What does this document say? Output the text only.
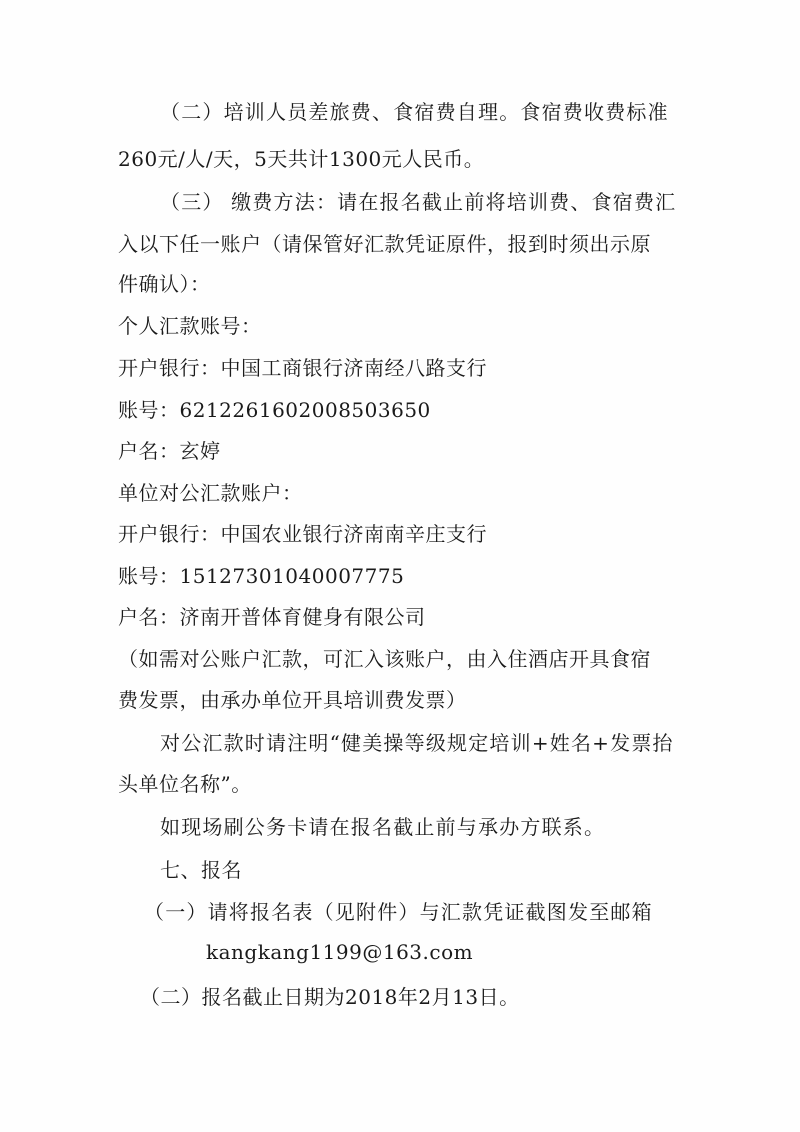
（二）培训人员差旅费、食宿费自理。食宿费收费标准
260元/人/天，5天共计1300元人民币。
（三） 缴费方法：请在报名截止前将培训费、食宿费汇
入以下任一账户（请保管好汇款凭证原件，报到时须出示原
件确认）：
个人汇款账号：
开户银行：中国工商银行济南经八路支行
账号：6212261602008503650
户名：玄婷
单位对公汇款账户：
开户银行：中国农业银行济南南辛庄支行
账号：15127301040007775
户名：济南开普体育健身有限公司
（如需对公账户汇款，可汇入该账户，由入住酒店开具食宿
费发票，由承办单位开具培训费发票）
对公汇款时请注明“健美操等级规定培训+姓名+发票抬
头单位名称”。
如现场刷公务卡请在报名截止前与承办方联系。
七、报名
（一）请将报名表（见附件）与汇款凭证截图发至邮箱
kangkang1199@163.com
（二）报名截止日期为2018年2月13日。
